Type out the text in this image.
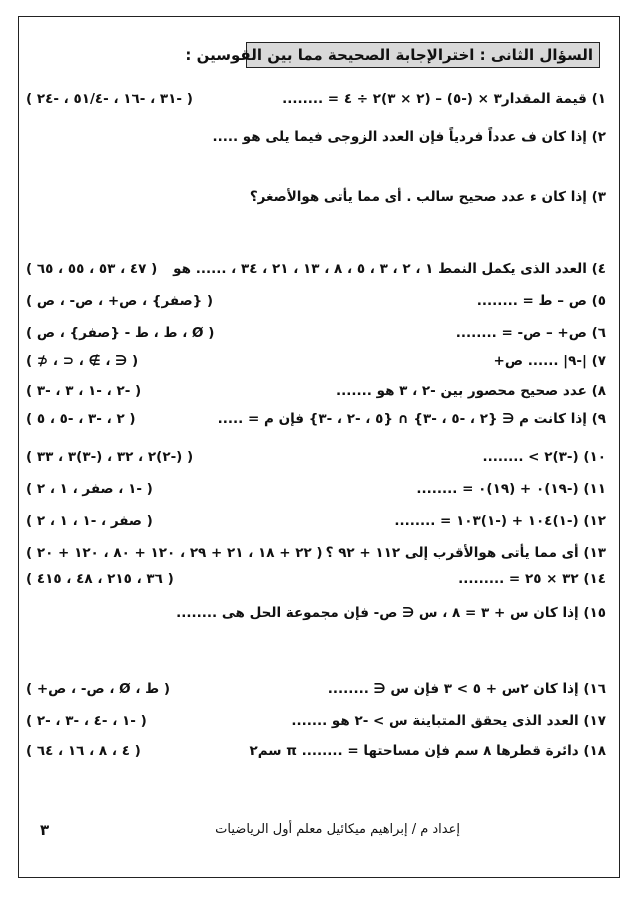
السؤال الثانى : اخترالإجابة الصحيحة مما بين القوسين :
١) قيمة المقدار٣ × (-٥) – (٢ × ٣)٢ ÷ ٤ = ........
( -٣١ ، -١٦ ، -٥١/٤ ، -٢٤ )
٢) إذا كان ف عدداً فردياً فإن العدد الزوجى فيما يلى هو .....
٣) إذا كان ء عدد صحيح سالب . أى مما يأتى هوالأصغر؟
٤) العدد الذى يكمل النمط ١ ، ٢ ، ٣ ، ٥ ، ٨ ، ١٣ ، ٢١ ، ٣٤ ، ...... هو
( ٤٧ ، ٥٣ ، ٥٥ ، ٦٥ )
٥) ص – ط = ........
( {صفر} ، ص+ ، ص- ، ص )
٦) ص+ – ص- = ........
( Ø ، ط ، ط - {صفر} ، ص )
٧) |-٩| ...... ص+
( ∈ ، ∌ ، ⊂ ، ⊄ )
٨) عدد صحيح محصور بين -٢ ، ٣ هو .......
( -٢ ، -١ ، ٣ ، -٣ )
٩) إذا كانت م ∈ {٢ ، -٥ ، -٣} ∩ {٥ ، -٢ ، -٣} فإن م = .....
( ٢ ، -٣ ، -٥ ، ٥ )
١٠) (-٣)٢ > ........
( (-٢)٢ ، ٣٢ ، (-٣)٣ ، ٣٣ )
١١) (-١٩)٠ + (١٩)٠ = ........
( -١ ، صفر ، ١ ، ٢ )
١٢) (-١)١٠٤ + (-١)١٠٣ = ........
( صفر ، -١ ، ١ ، ٢ )
١٣) أى مما يأتى هوالأقرب إلى ١١٢ + ٩٢ ؟
( ٢٢ + ١٨ ، ٢١ + ٢٩ ، ١٢٠ + ٨٠ ، ١٢٠ + ٢٠ )
١٤) ٣٢ × ٢٥ = .........
( ٣٦ ، ٢١٥ ، ٤٨ ، ٤١٥ )
١٥) إذا كان س + ٣ = ٨ ، س ∈ ص- فإن مجموعة الحل هى ........
١٦) إذا كان ٢س + ٥ > ٣ فإن س ∈ ........
( ط ، Ø ، ص- ، ص+ )
١٧) العدد الذى يحقق المتباينة س > -٢ هو .......
( -١ ، -٤ ، -٣ ، -٢ )
١٨) دائرة قطرها ٨ سم فإن مساحتها = ........ π سم٢
( ٤ ، ٨ ، ١٦ ، ٦٤ )
إعداد م / إبراهيم ميكائيل معلم أول الرياضيات
٣
